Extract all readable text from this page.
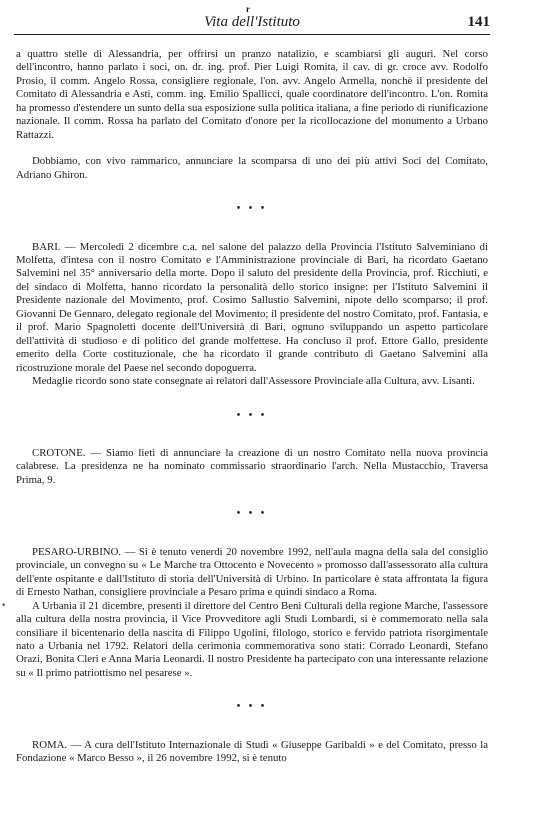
r
Vita dell'Istituto	141
•

a quattro stelle di Alessandria, per offrirsi un pranzo natalizio, e scambiarsi gli auguri. Nel corso dell'incontro, hanno parlato i soci, on. dr. ing. prof. Pier Luigi Romita, il cav. di gr. croce avv. Rodolfo Prosio, il comm. Angelo Rossa, consigliere regionale, l'on. avv. Angelo Armella, nonchè il presidente del Comitato di Alessandria e Asti, comm. ing. Emilio Spallicci, quale coordinatore dell'incontro. L'on. Romita ha promesso d'estendere un sunto della sua esposizione sulla politica italiana, a fine periodo di riunificazione nazionale. Il comm. Rossa ha parlato del Comitato d'onore per la ricollocazione del monumento a Urbano Rattazzi.

Dobbiamo, con vivo rammarico, annunciare la scomparsa di uno dei più attivi Soci del Comitato, Adriano Ghiron.

• • •

BARI. — Mercoledì 2 dicembre c.a. nel salone del palazzo della Provincia l'Istituto Salveminiano di Molfetta, d'intesa con il nostro Comitato e l'Amministrazione provinciale di Bari, ha ricordato Gaetano Salvemini nel 35° anniversario della morte. Dopo il saluto del presidente della Provincia, prof. Ricchiuti, e del sindaco di Molfetta, hanno ricordato la personalità dello storico insigne: per l'Istituto Salvemini il Presidente nazionale del Movimento, prof. Cosimo Sallustio Salvemini, nipote dello scomparso; il prof. Giovanni De Gennaro, delegato regionale del Movimento; il presidente del nostro Comitato, prof. Fantasia, e il prof. Mario Spagnoletti docente dell'Università di Bari, ognuno sviluppando un aspetto particolare dell'attività di studioso e di politico del grande molfettese. Ha concluso il prof. Ettore Gallo, presidente emerito della Corte costituzionale, che ha ricordato il grande contributo di Gaetano Salvemini alla ricostruzione morale del Paese nel secondo dopoguerra.

Medaglie ricordo sono state consegnate ai relatori dall'Assessore Provinciale alla Cultura, avv. Lisanti.

• • •

CROTONE. — Siamo lieti di annunciare la creazione di un nostro Comitato nella nuova provincia calabrese. La presidenza ne ha nominato commissario straordinario l'arch. Nella Mustacchio, Traversa Prima, 9.

• • •

PESARO-URBINO. — Si è tenuto venerdì 20 novembre 1992, nell'aula magna della sala del consiglio provinciale, un convegno su « Le Marche tra Ottocento e Novecento » promosso dall'assessorato alla cultura dell'ente ospitante e dall'Istituto di storia dell'Università di Urbino. In particolare è stata affrontata la figura di Ernesto Nathan, consigliere provinciale a Pesaro prima e quindi sindaco a Roma.

A Urbania il 21 dicembre, presenti il direttore del Centro Beni Culturali della regione Marche, l'assessore alla cultura della nostra provincia, il Vice Provveditore agli Studi Lombardi, si è commemorato nella sala consiliare il bicentenario della nascita di Filippo Ugolini, filologo, storico e fervido patriota risorgimentale nato a Urbania nel 1792. Relatori della cerimonia commemorativa sono stati: Corrado Leonardi, Stefano Orazi, Bonita Cleri e Anna Maria Leonardi. Il nostro Presidente ha partecipato con una interessante relazione su « Il primo patriottismo nel pesarese ».

• • •

ROMA. — A cura dell'Istituto Internazionale di Studi « Giuseppe Garibaldi » e del Comitato, presso la Fondazione « Marco Besso », il 26 novembre 1992, si è tenuto
